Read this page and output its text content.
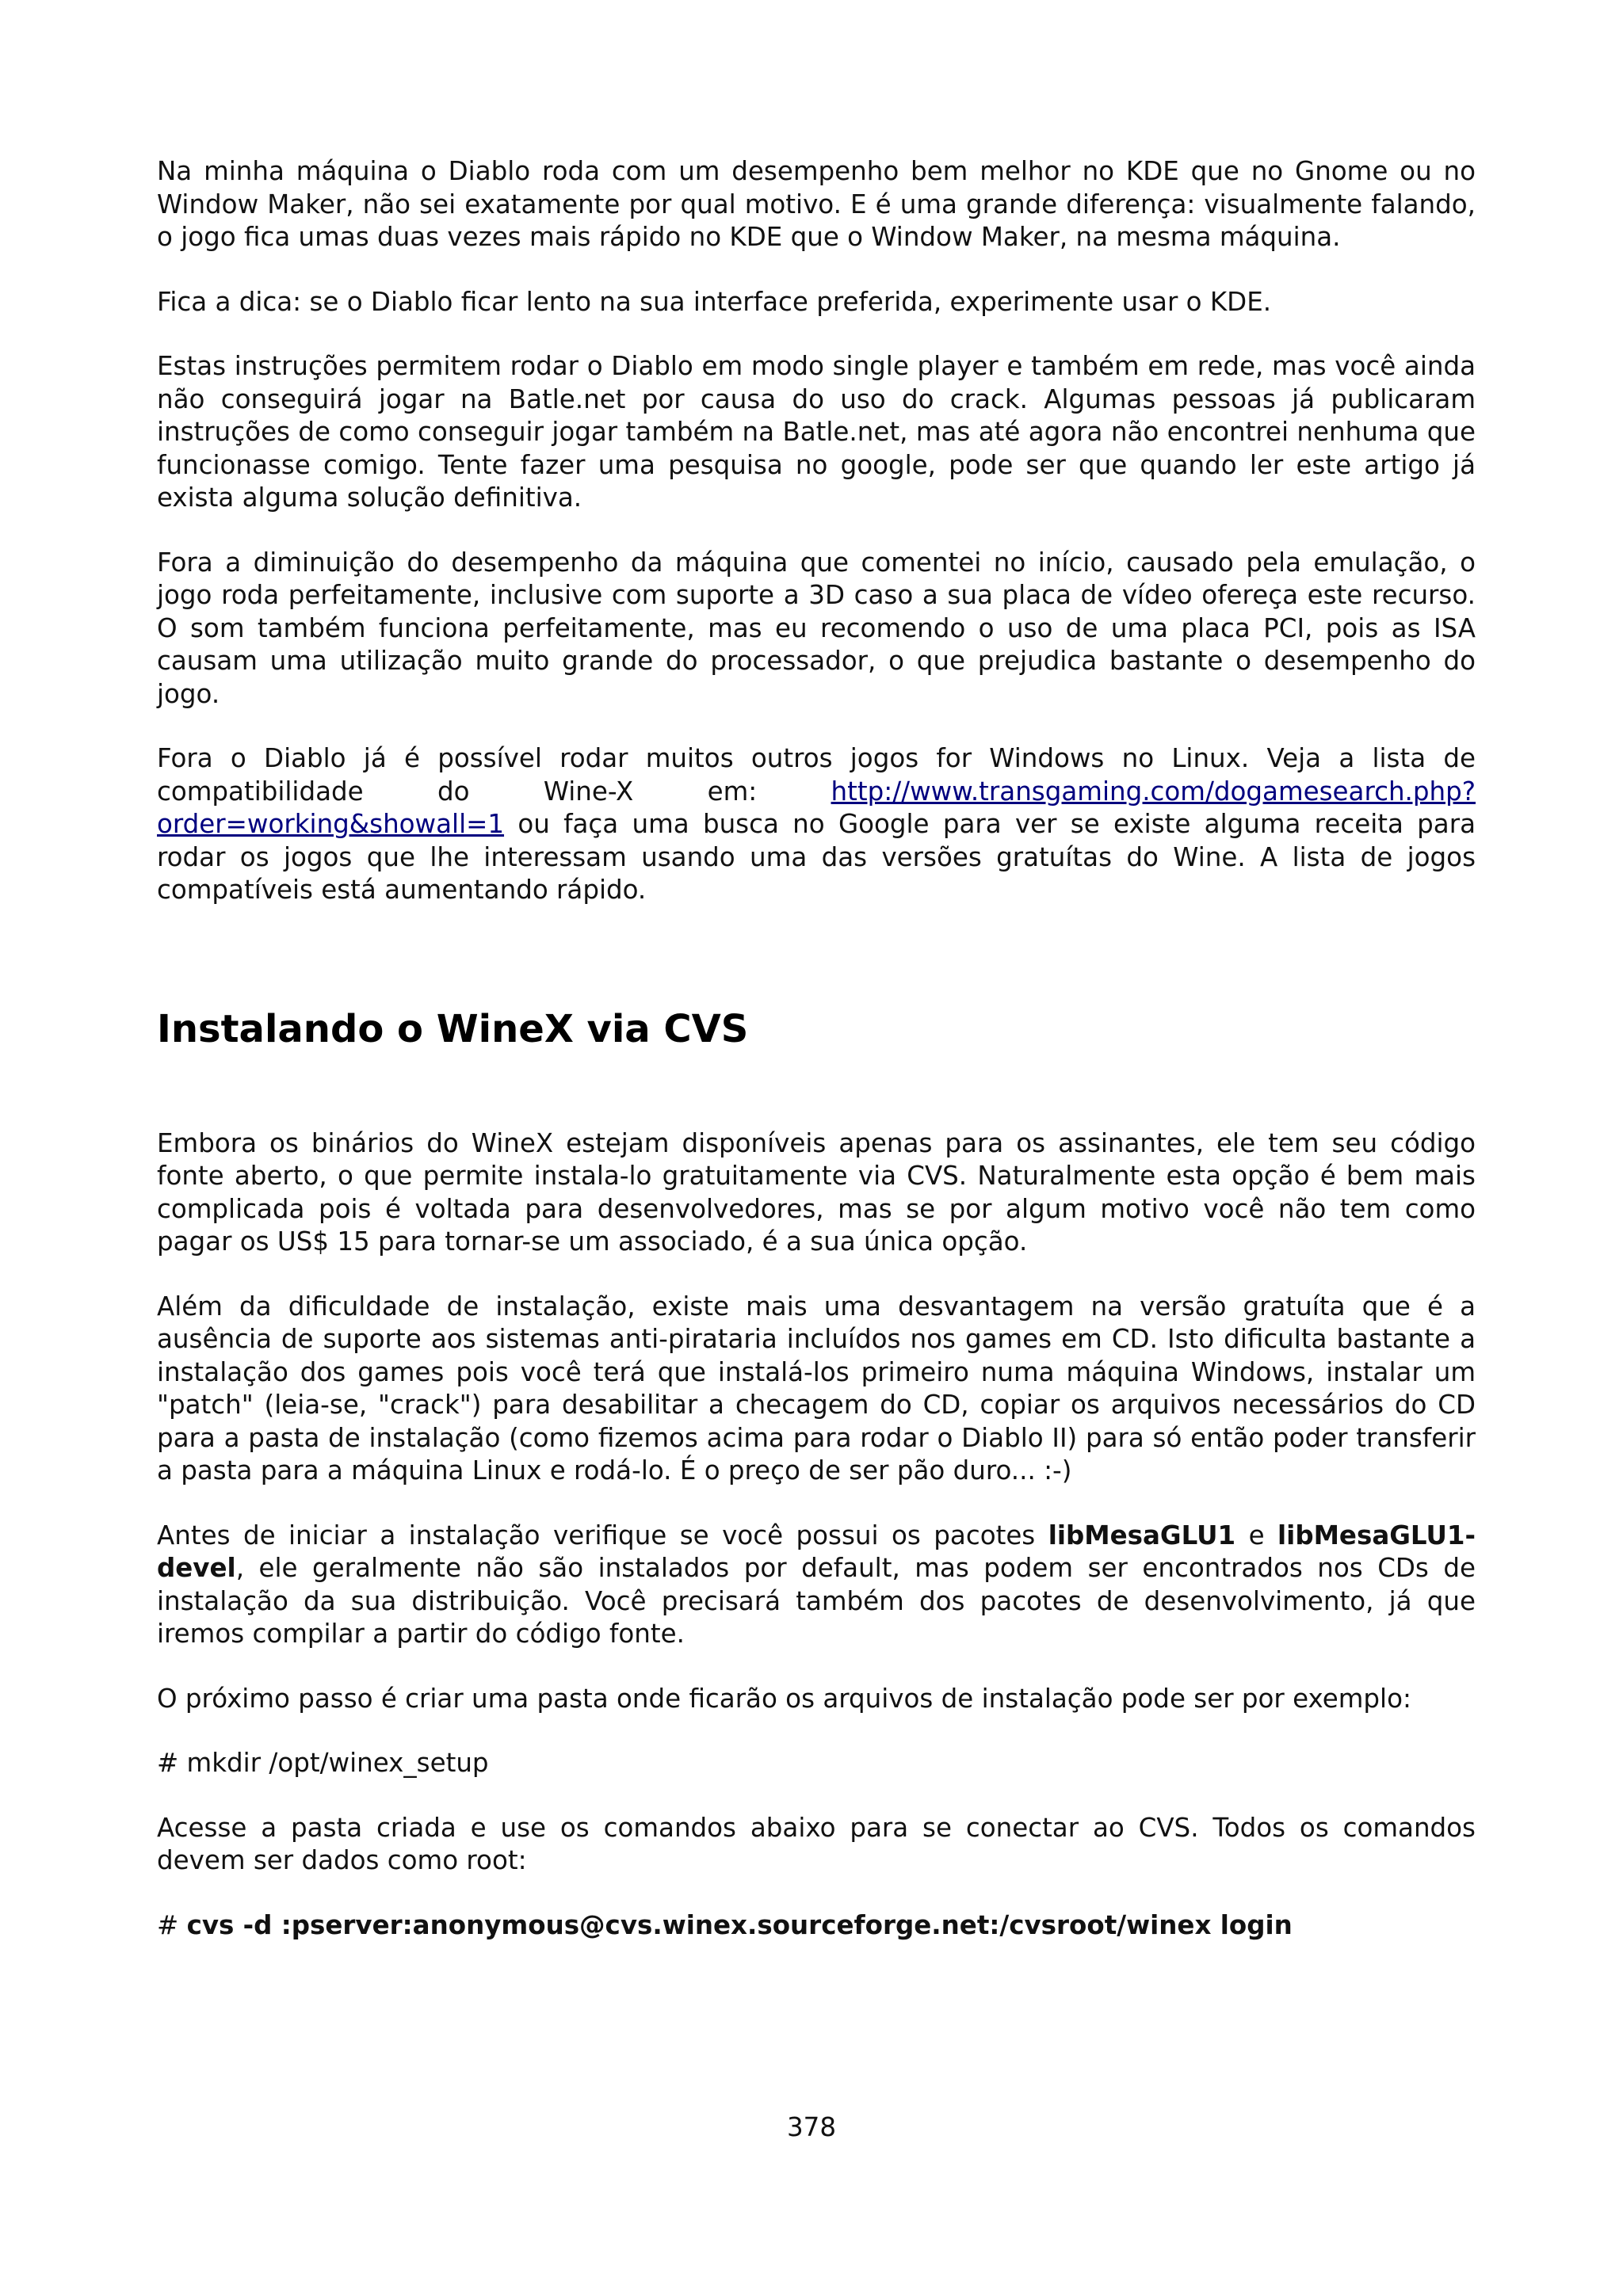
Na minha máquina o Diablo roda com um desempenho bem melhor no KDE que no Gnome ou no Window Maker, não sei exatamente por qual motivo. E é uma grande diferença: visualmente falando, o jogo fica umas duas vezes mais rápido no KDE que o Window Maker, na mesma máquina.

Fica a dica: se o Diablo ficar lento na sua interface preferida, experimente usar o KDE.

Estas instruções permitem rodar o Diablo em modo single player e também em rede, mas você ainda não conseguirá jogar na Batle.net por causa do uso do crack. Algumas pessoas já publicaram instruções de como conseguir jogar também na Batle.net, mas até agora não encontrei nenhuma que funcionasse comigo. Tente fazer uma pesquisa no google, pode ser que quando ler este artigo já exista alguma solução definitiva.

Fora a diminuição do desempenho da máquina que comentei no início, causado pela emulação, o jogo roda perfeitamente, inclusive com suporte a 3D caso a sua placa de vídeo ofereça este recurso. O som também funciona perfeitamente, mas eu recomendo o uso de uma placa PCI, pois as ISA causam uma utilização muito grande do processador, o que prejudica bastante o desempenho do jogo.

Fora o Diablo já é possível rodar muitos outros jogos for Windows no Linux. Veja a lista de compatibilidade do Wine-X em: http://www.transgaming.com/dogamesearch.php?order=working&showall=1 ou faça uma busca no Google para ver se existe alguma receita para rodar os jogos que lhe interessam usando uma das versões gratuítas do Wine. A lista de jogos compatíveis está aumentando rápido.

Instalando o WineX via CVS

Embora os binários do WineX estejam disponíveis apenas para os assinantes, ele tem seu código fonte aberto, o que permite instala-lo gratuitamente via CVS. Naturalmente esta opção é bem mais complicada pois é voltada para desenvolvedores, mas se por algum motivo você não tem como pagar os US$ 15 para tornar-se um associado, é a sua única opção.

Além da dificuldade de instalação, existe mais uma desvantagem na versão gratuíta que é a ausência de suporte aos sistemas anti-pirataria incluídos nos games em CD. Isto dificulta bastante a instalação dos games pois você terá que instalá-los primeiro numa máquina Windows, instalar um "patch" (leia-se, "crack") para desabilitar a checagem do CD, copiar os arquivos necessários do CD para a pasta de instalação (como fizemos acima para rodar o Diablo II) para só então poder transferir a pasta para a máquina Linux e rodá-lo. É o preço de ser pão duro... :-)

Antes de iniciar a instalação verifique se você possui os pacotes libMesaGLU1 e libMesaGLU1-devel, ele geralmente não são instalados por default, mas podem ser encontrados nos CDs de instalação da sua distribuição. Você precisará também dos pacotes de desenvolvimento, já que iremos compilar a partir do código fonte.

O próximo passo é criar uma pasta onde ficarão os arquivos de instalação pode ser por exemplo:

# mkdir /opt/winex_setup

Acesse a pasta criada e use os comandos abaixo para se conectar ao CVS. Todos os comandos devem ser dados como root:

# cvs -d :pserver:anonymous@cvs.winex.sourceforge.net:/cvsroot/winex login

378
